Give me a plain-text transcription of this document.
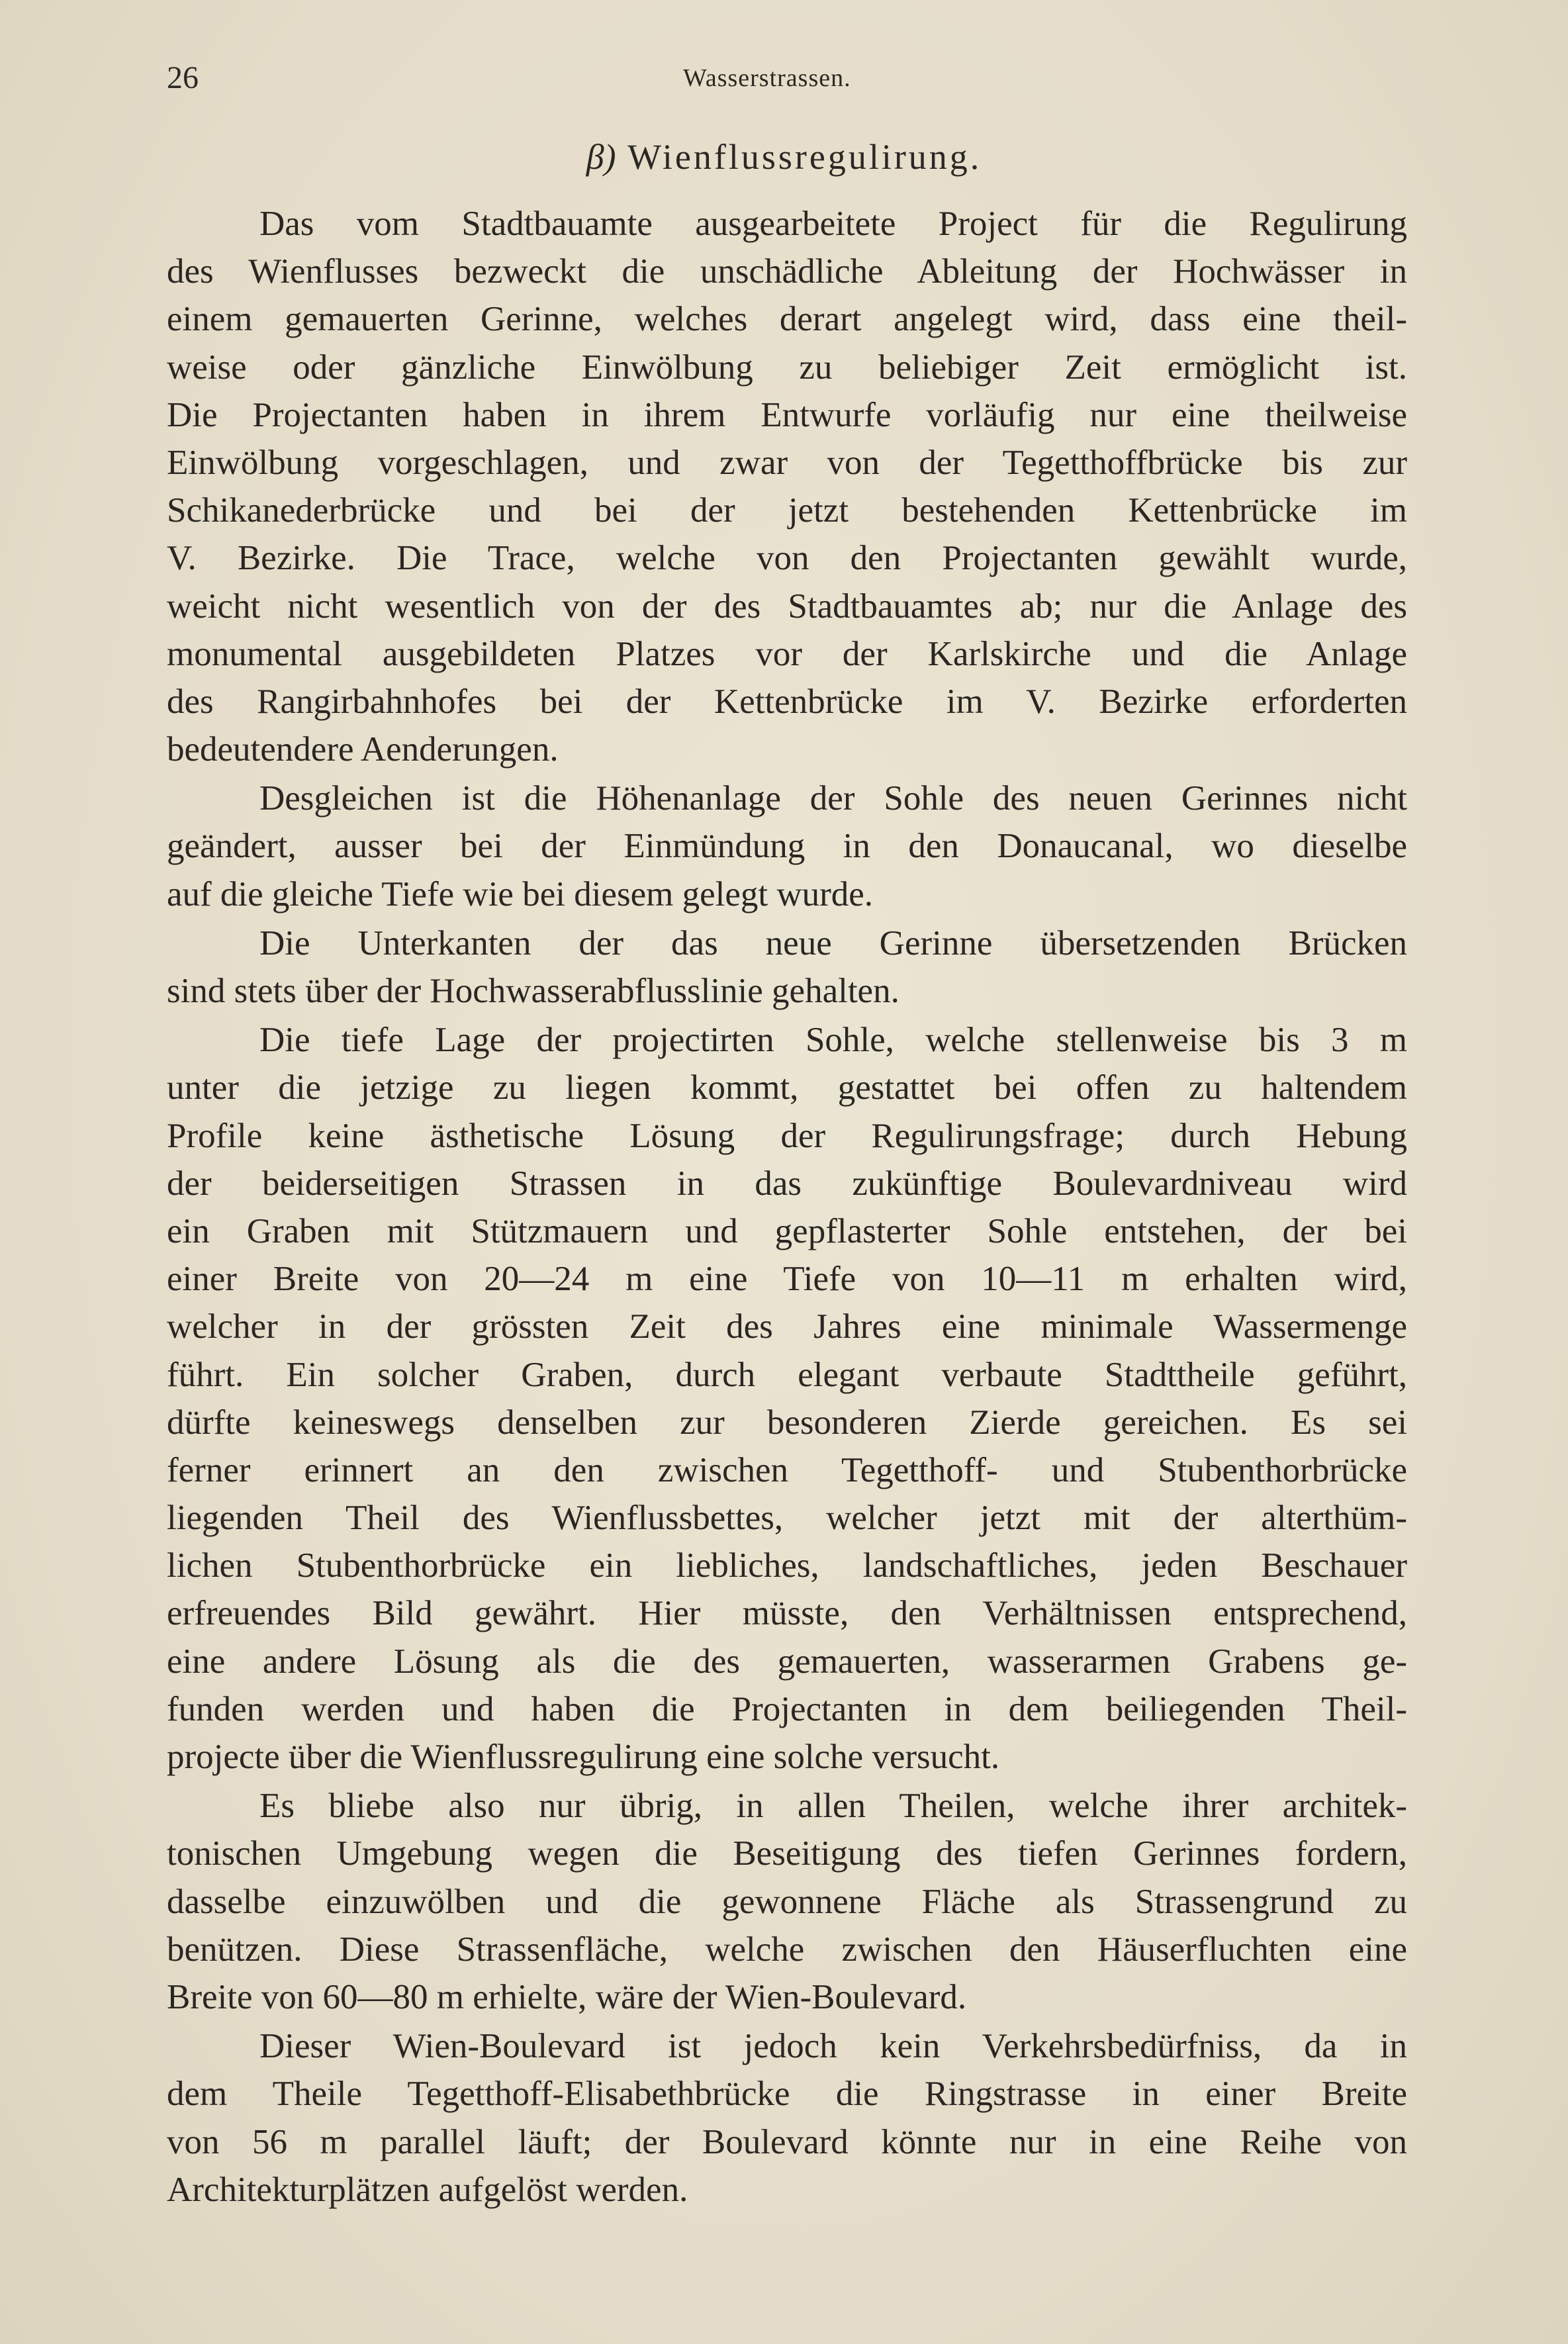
26	Wasserstrassen.
β) Wienflussregulirung.
Das vom Stadtbauamte ausgearbeitete Project für die Regulirung
des Wienflusses bezweckt die unschädliche Ableitung der Hochwässer in
einem gemauerten Gerinne, welches derart angelegt wird, dass eine theil-
weise oder gänzliche Einwölbung zu beliebiger Zeit ermöglicht ist.
Die Projectanten haben in ihrem Entwurfe vorläufig nur eine theilweise
Einwölbung vorgeschlagen, und zwar von der Tegetthoffbrücke bis zur
Schikanederbrücke und bei der jetzt bestehenden Kettenbrücke im
V. Bezirke. Die Trace, welche von den Projectanten gewählt wurde,
weicht nicht wesentlich von der des Stadtbauamtes ab; nur die Anlage des
monumental ausgebildeten Platzes vor der Karlskirche und die Anlage
des Rangirbahnhofes bei der Kettenbrücke im V. Bezirke erforderten
bedeutendere Aenderungen.
Desgleichen ist die Höhenanlage der Sohle des neuen Gerinnes nicht
geändert, ausser bei der Einmündung in den Donaucanal, wo dieselbe
auf die gleiche Tiefe wie bei diesem gelegt wurde.
Die Unterkanten der das neue Gerinne übersetzenden Brücken
sind stets über der Hochwasserabflusslinie gehalten.
Die tiefe Lage der projectirten Sohle, welche stellenweise bis 3 m
unter die jetzige zu liegen kommt, gestattet bei offen zu haltendem
Profile keine ästhetische Lösung der Regulirungsfrage; durch Hebung
der beiderseitigen Strassen in das zukünftige Boulevardniveau wird
ein Graben mit Stützmauern und gepflasterter Sohle entstehen, der bei
einer Breite von 20—24 m eine Tiefe von 10—11 m erhalten wird,
welcher in der grössten Zeit des Jahres eine minimale Wassermenge
führt. Ein solcher Graben, durch elegant verbaute Stadttheile geführt,
dürfte keineswegs denselben zur besonderen Zierde gereichen. Es sei
ferner erinnert an den zwischen Tegetthoff- und Stubenthorbrücke
liegenden Theil des Wienflussbettes, welcher jetzt mit der alterthüm-
lichen Stubenthorbrücke ein liebliches, landschaftliches, jeden Beschauer
erfreuendes Bild gewährt. Hier müsste, den Verhältnissen entsprechend,
eine andere Lösung als die des gemauerten, wasserarmen Grabens ge-
funden werden und haben die Projectanten in dem beiliegenden Theil-
projecte über die Wienflussregulirung eine solche versucht.
Es bliebe also nur übrig, in allen Theilen, welche ihrer architek-
tonischen Umgebung wegen die Beseitigung des tiefen Gerinnes fordern,
dasselbe einzuwölben und die gewonnene Fläche als Strassengrund zu
benützen. Diese Strassenfläche, welche zwischen den Häuserfluchten eine
Breite von 60—80 m erhielte, wäre der Wien-Boulevard.
Dieser Wien-Boulevard ist jedoch kein Verkehrsbedürfniss, da in
dem Theile Tegetthoff-Elisabethbrücke die Ringstrasse in einer Breite
von 56 m parallel läuft; der Boulevard könnte nur in eine Reihe von
Architekturplätzen aufgelöst werden.
